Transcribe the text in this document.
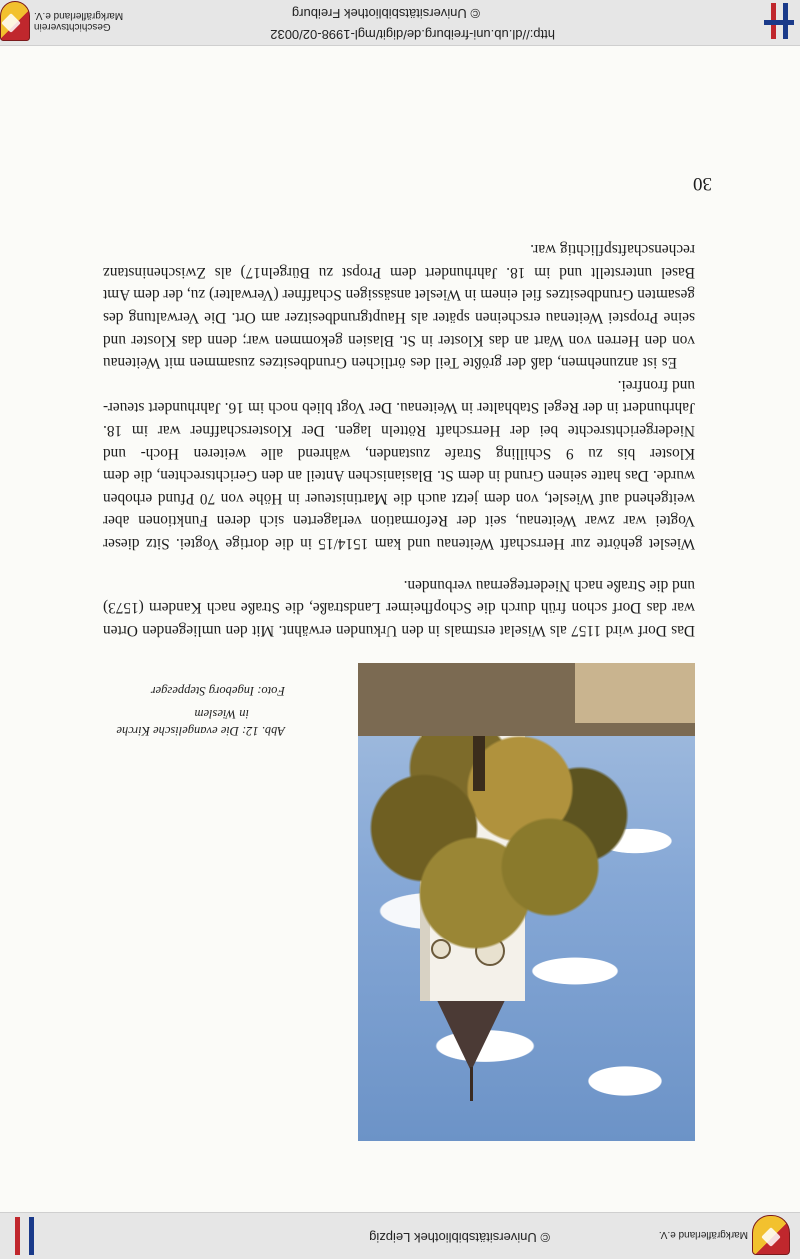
© Universitätsbibliothek Leipzig	Markgräflerland e.V.
30
Abb. 12: Die evangelische Kirche
in Wiesleт
Foto: Ingeborg Steppeгger

Das Dorf wird 1157 als Wiselat erstmals in den Urkunden erwähnt. Mit den umliegenden Orten war das Dorf schon früh durch die Schopfheimer Landstraße, die Straße nach Kandern (1573) und die Straße nach Niedertegernau verbunden.

Wieslet gehörte zur Herrschaft Weitenau und kam 1514/15 in die dortige Vogtei. Sitz dieser Vogtei war zwar Weitenau, seit der Reformation verlagerten sich deren Funktionen aber weitgehend auf Wieslet, von dem jetzt auch die Martinisteuer in Höhe von 70 Pfund erhoben wurde. Das hatte seinen Grund in dem St. Blasianischen Anteil an den Gerichtsrechten, die dem Kloster bis zu 9 Schilling Strafe zustanden, während alle weiteren Hoch- und Niedergerichtsrechte bei der Herrschaft Rötteln lagen. Der Klosterschaffner war im 18. Jahrhundert in der Regel Stabhalter in Weitenau. Der Vogt blieb noch im 16. Jahrhundert steuer- und fronfrei.

Es ist anzunehmen, daß der größte Teil des örtlichen Grundbesitzes zusammen mit Weitenau von den Herren von Wart an das Kloster in St. Blasien gekommen war; denn das Kloster und seine Propstei Weitenau erscheinen später als Hauptgrundbesitzer am Ort. Die Verwaltung des gesamten Grundbesitzes fiel einem in Wieslet ansässigen Schaffner (Verwalter) zu, der dem Amt Basel unterstellt und im 18. Jahrhundert dem Propst zu Bürgeln17) als Zwischeninstanz rechenschaftspflichtig war.

http://dl.ub.uni-freiburg.de/digit/mgl-1998-02/0032
© Universitätsbibliothek Freiburg
Geschichtsverein Markgräflerland e.V.
